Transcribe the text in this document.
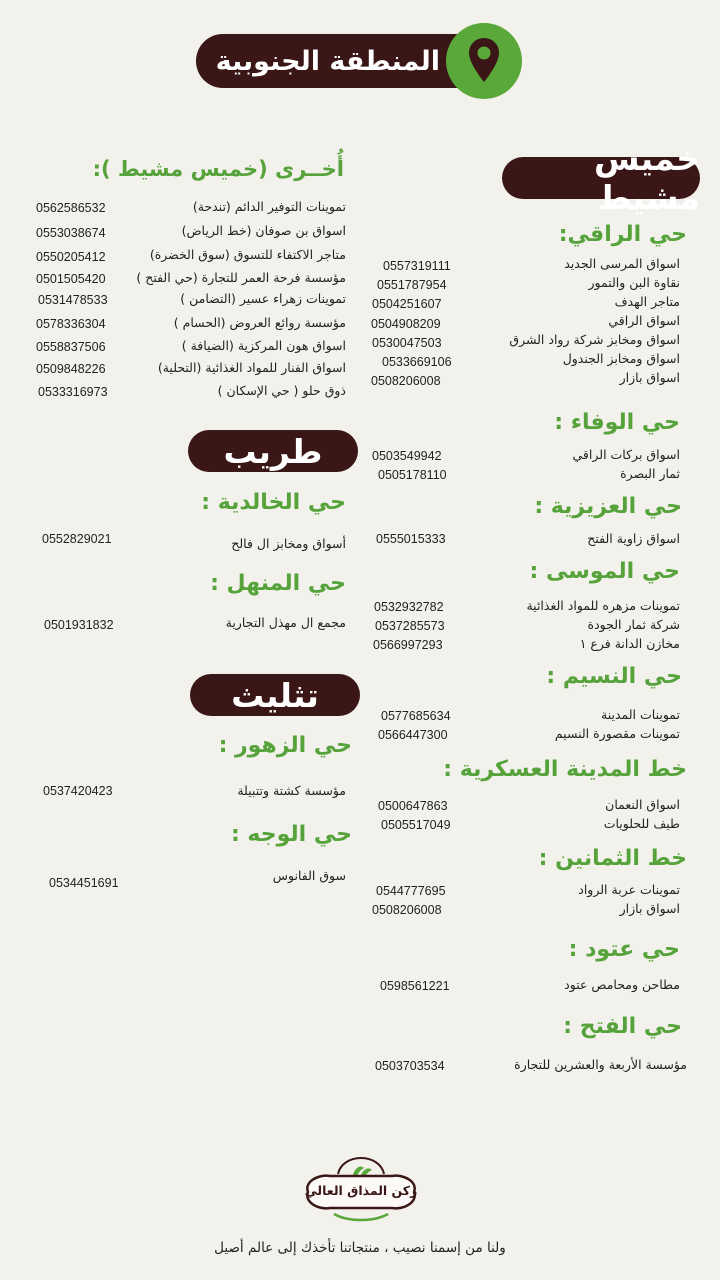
المنطقة الجنوبية
خميس مشيط
حي الراقي:
اسواق المرسى الجديد
0557319111
نقاوة البن والتمور
0551787954
متاجر الهدف
0504251607
اسواق الراقي
0504908209
اسواق ومخابز شركة رواد الشرق
0530047503
اسواق ومخابز الجندول
0533669106
اسواق بازار
0508206008
حي الوفاء :
اسواق بركات الراقي
0503549942
ثمار البصرة
0505178110
حي العزيزية :
اسواق زاوية الفتح
0555015333
حي الموسى :
تموينات مزهره للمواد الغذائية
0532932782
شركة ثمار الجودة
0537285573
مخازن الدانة فرع ١
0566997293
حي النسيم :
تموينات المدينة
0577685634
تموينات مقصورة النسيم
0566447300
خط المدينة العسكرية :
اسواق النعمان
0500647863
طيف للحلويات
0505517049
خط الثمانين :
تموينات عربة الرواد
0544777695
اسواق بازار
0508206008
حي عتود :
مطاحن ومحامص عتود
0598561221
حي الفتح :
مؤسسة الأربعة والعشرين للتجارة
0503703534
أُخــرى (خميس مشيط ):
تموينات التوفير الدائم (تندحة)
0562586532
اسواق بن صوفان (خط الرياض)
0553038674
متاجر الاكتفاء للتسوق (سوق الخضرة)
0550205412
مؤسسة فرحة العمر للتجارة (حي الفتح )
0501505420
تموينات زهراء عسير (التضامن )
0531478533
مؤسسة روائع العروض (الحسام )
0578336304
اسواق هون المركزية (الضيافة )
0558837506
اسواق الفنار للمواد الغذائية (التحلية)
0509848226
ذوق حلو ( حي الإسكان )
0533316973
طريب
حي الخالدية :
أسواق ومخابز ال فالح
0552829021
حي المنهل :
مجمع ال مهذل التجارية
0501931832
تثليث
حي الزهور :
مؤسسة كشتة وتتبيلة
0537420423
حي الوجه :
سوق الفانوس
0534451691
ركن المذاق العالي
ولنا من إسمنا نصيب ، منتجاتنا تأخذك إلى عالم أصيل
